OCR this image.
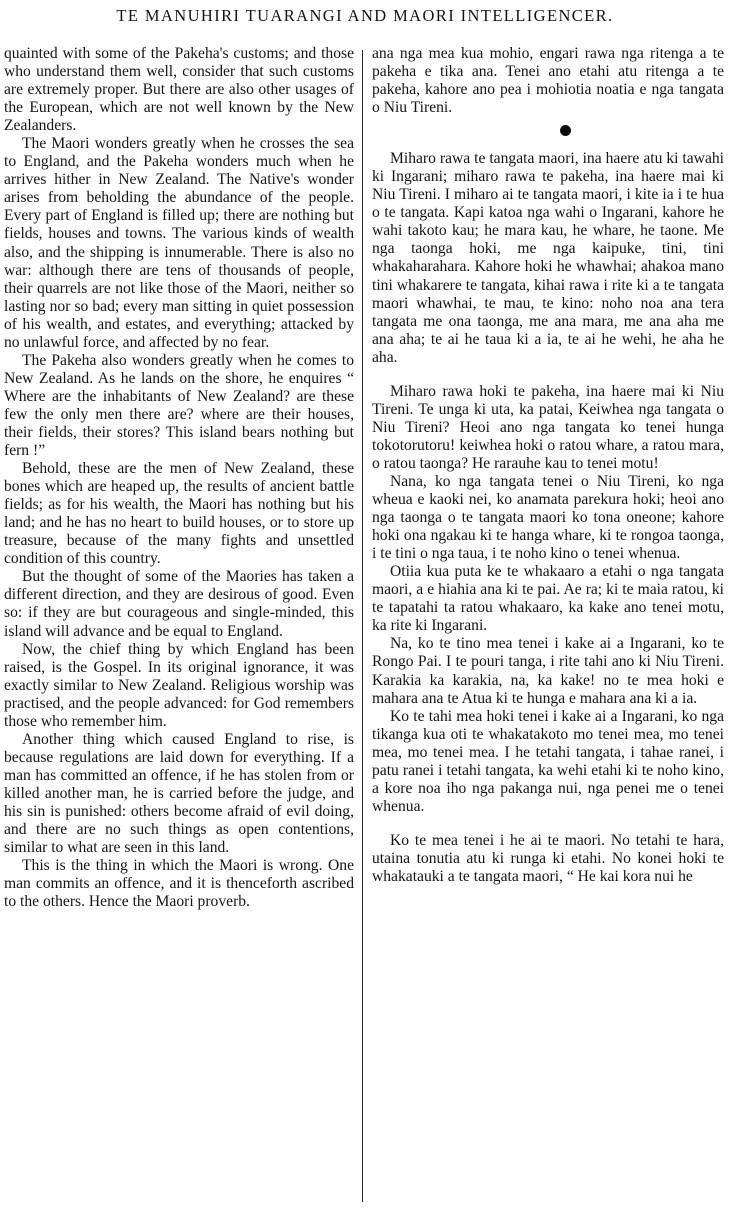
TE MANUHIRI TUARANGI AND MAORI INTELLIGENCER.

quainted with some of the Pakeha's customs; and those who understand them well, consider that such customs are extremely proper. But there are also other usages of the European, which are not well known by the New Zealanders.

The Maori wonders greatly when he crosses the sea to England, and the Pakeha wonders much when he arrives hither in New Zealand. The Native's wonder arises from beholding the abundance of the people. Every part of England is filled up; there are nothing but fields, houses and towns. The various kinds of wealth also, and the shipping is innumerable. There is also no war: although there are tens of thousands of people, their quarrels are not like those of the Maori, neither so lasting nor so bad; every man sitting in quiet possession of his wealth, and estates, and everything; attacked by no unlawful force, and affected by no fear.

The Pakeha also wonders greatly when he comes to New Zealand. As he lands on the shore, he enquires “ Where are the inhabitants of New Zealand? are these few the only men there are? where are their houses, their fields, their stores? This island bears nothing but fern !”

Behold, these are the men of New Zealand, these bones which are heaped up, the results of ancient battle fields; as for his wealth, the Maori has nothing but his land; and he has no heart to build houses, or to store up treasure, because of the many fights and unsettled condition of this country.

But the thought of some of the Maories has taken a different direction, and they are desirous of good. Even so: if they are but courageous and single-minded, this island will advance and be equal to England.

Now, the chief thing by which England has been raised, is the Gospel. In its original ignorance, it was exactly similar to New Zealand. Religious worship was practised, and the people advanced: for God remembers those who remember him.

Another thing which caused England to rise, is because regulations are laid down for everything. If a man has committed an offence, if he has stolen from or killed another man, he is carried before the judge, and his sin is punished: others become afraid of evil doing, and there are no such things as open contentions, similar to what are seen in this land.

This is the thing in which the Maori is wrong. One man commits an offence, and it is thenceforth ascribed to the others. Hence the Maori proverb.

ana nga mea kua mohio, engari rawa nga ritenga a te pakeha e tika ana. Tenei ano etahi atu ritenga a te pakeha, kahore ano pea i mohiotia noatia e nga tangata o Niu Tireni.

Miharo rawa te tangata maori, ina haere atu ki tawahi ki Ingarani; miharo rawa te pakeha, ina haere mai ki Niu Tireni. I miharo ai te tangata maori, i kite ia i te hua o te tangata. Kapi katoa nga wahi o Ingarani, kahore he wahi takoto kau; he mara kau, he whare, he taone. Me nga taonga hoki, me nga kaipuke, tini, tini whakaharahara. Kahore hoki he whawhai; ahakoa mano tini whakarere te tangata, kihai rawa i rite ki a te tangata maori whawhai, te mau, te kino: noho noa ana tera tangata me ona taonga, me ana mara, me ana aha me ana aha; te ai he taua ki a ia, te ai he wehi, he aha he aha.

Miharo rawa hoki te pakeha, ina haere mai ki Niu Tireni. Te unga ki uta, ka patai, Keiwhea nga tangata o Niu Tireni? Heoi ano nga tangata ko tenei hunga tokotorutoru! keiwhea hoki o ratou whare, a ratou mara, o ratou taonga? He rarauhe kau to tenei motu!

Nana, ko nga tangata tenei o Niu Tireni, ko nga wheua e kaoki nei, ko anamata parekura hoki; heoi ano nga taonga o te tangata maori ko tona oneone; kahore hoki ona ngakau ki te hanga whare, ki te rongoa taonga, i te tini o nga taua, i te noho kino o tenei whenua.

Otiia kua puta ke te whakaaro a etahi o nga tangata maori, a e hiahia ana ki te pai. Ae ra; ki te maia ratou, ki te tapatahi ta ratou whakaaro, ka kake ano tenei motu, ka rite ki Ingarani.

Na, ko te tino mea tenei i kake ai a Ingarani, ko te Rongo Pai. I te pouri tanga, i rite tahi ano ki Niu Tireni. Karakia ka karakia, na, ka kake! no te mea hoki e mahara ana te Atua ki te hunga e mahara ana ki a ia.

Ko te tahi mea hoki tenei i kake ai a Ingarani, ko nga tikanga kua oti te whakatakoto mo tenei mea, mo tenei mea, mo tenei mea. I he tetahi tangata, i tahae ranei, i patu ranei i tetahi tangata, ka wehi etahi ki te noho kino, a kore noa iho nga pakanga nui, nga penei me o tenei whenua.

Ko te mea tenei i he ai te maori. No tetahi te hara, utaina tonutia atu ki runga ki etahi. No konei hoki te whakatauki a te tangata maori, “ He kai kora nui he
